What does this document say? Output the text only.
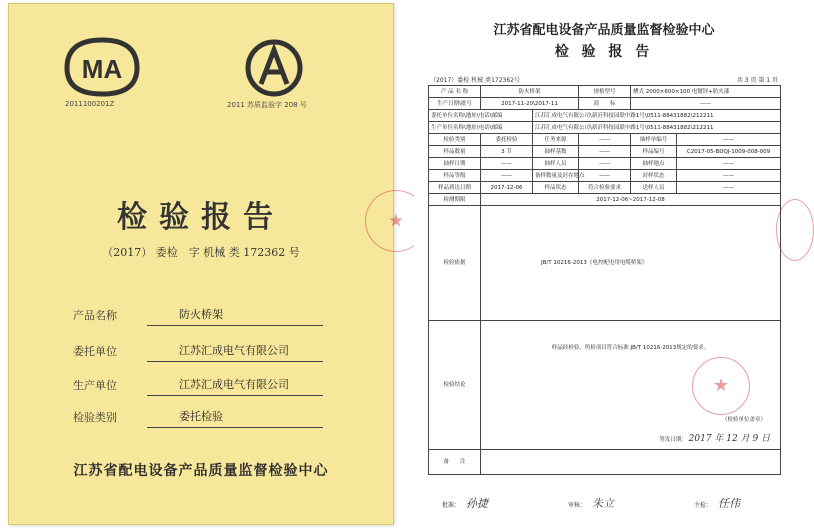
MA
2011100201Z	2011 苏质监验字 208 号
检验报告
（2017） 委检　字 机械 类 172362 号
产品名称	防火桥架
委托单位	江苏汇成电气有限公司
生产单位	江苏汇成电气有限公司
检验类别	委托检验
江苏省配电设备产品质量监督检验中心
★
江苏省配电设备产品质量监督检验中心
检 验 报 告
（2017）委检 机械 类172362号	共 3 页 第 1 页
产 品 名 称	防火桥架		规格型号	槽式 2000×600×100 电镀锌+防火漆	
生产日期\批号	2017-11-20\2017-11		商　　标	——	
委托单位名称\地址\电话\邮编		江苏汇成电气有限公司\新沂科技园联中路1号\0511-88431882\212211			
生产单位名称\地址\电话\邮编		江苏汇成电气有限公司\新沂科技园联中路1号\0511-88431882\212211			
检验类别	委托检验	任务来源	——	抽样单编号	——
样品数量	3 节	抽样基数	——	样品编号	C2017-05-BDQJ-1009-008-009
抽样日期	——	抽样人员	——	抽样地点	——
样品等级	——	备样数量及封存地点	——	封样状态	——
样品到达日期	2017-12-06	样品状态	符合检验要求	送样人员	——
检测期限	2017-12-06~2017-12-08				
检验依据	JB/T 10216-2013《电控配电用电缆桥架》				
检验结论	样品经检验，所检项目符合标准 JB/T 10216-2013规定的要求。
（检验单位盖章）
签发日期： 2017 年 12 月 9 日
★				

备　　注					
批准： 孙捷	审核： 朱立	主检： 任伟
